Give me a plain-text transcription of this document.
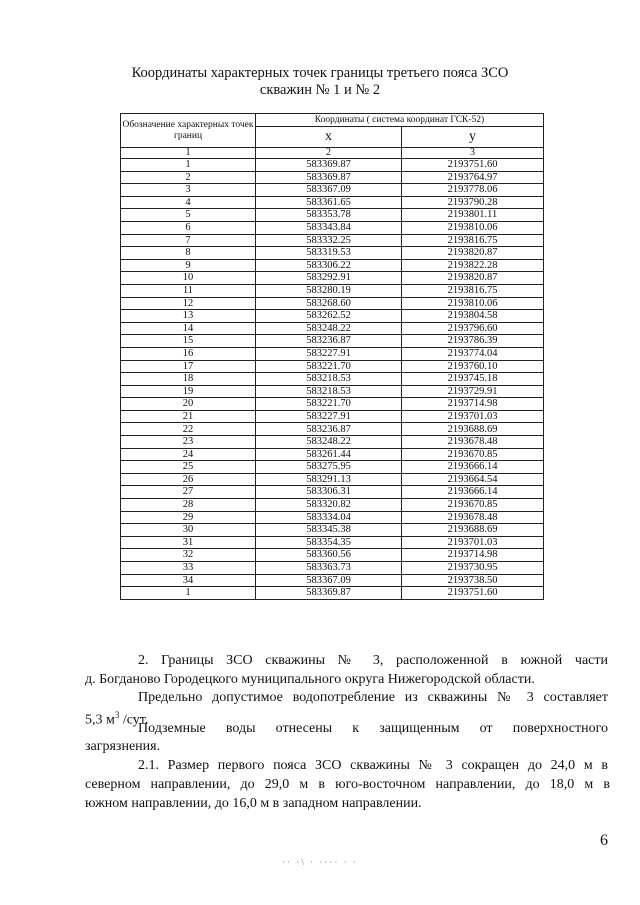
Координаты характерных точек границы третьего пояса ЗСО
скважин № 1 и № 2
Обозначение характерных точек границ	Координаты ( система координат ГСК-52)	
	x	y
1	2	3
1	583369.87	2193751.60
2	583369.87	2193764.97
3	583367.09	2193778.06
4	583361.65	2193790.28
5	583353.78	2193801.11
6	583343.84	2193810.06
7	583332.25	2193816.75
8	583319.53	2193820.87
9	583306.22	2193822.28
10	583292.91	2193820.87
11	583280.19	2193816.75
12	583268.60	2193810.06
13	583262.52	2193804.58
14	583248.22	2193796.60
15	583236.87	2193786.39
16	583227.91	2193774.04
17	583221.70	2193760.10
18	583218.53	2193745.18
19	583218.53	2193729.91
20	583221.70	2193714.98
21	583227.91	2193701.03
22	583236.87	2193688.69
23	583248.22	2193678.48
24	583261.44	2193670.85
25	583275.95	2193666.14
26	583291.13	2193664.54
27	583306.31	2193666.14
28	583320.82	2193670.85
29	583334.04	2193678.48
30	583345.38	2193688.69
31	583354.35	2193701.03
32	583360.56	2193714.98
33	583363.73	2193730.95
34	583367.09	2193738.50
1	583369.87	2193751.60
2. Границы ЗСО скважины № 3, расположенной в южной части
д. Богданово Городецкого муниципального округа Нижегородской области.
Предельно допустимое водопотребление из скважины № 3 составляет
5,3 $м^3$ /сут.
Подземные воды отнесены к защищенным от поверхностного
загрязнения.
2.1. Размер первого пояса ЗСО скважины № 3 сокращен до 24,0 м в
северном направлении, до 29,0 м в юго-восточном направлении, до 18,0 м в
южном направлении, до 16,0 м в западном направлении.
6
·· ·\ · ···· · ·
